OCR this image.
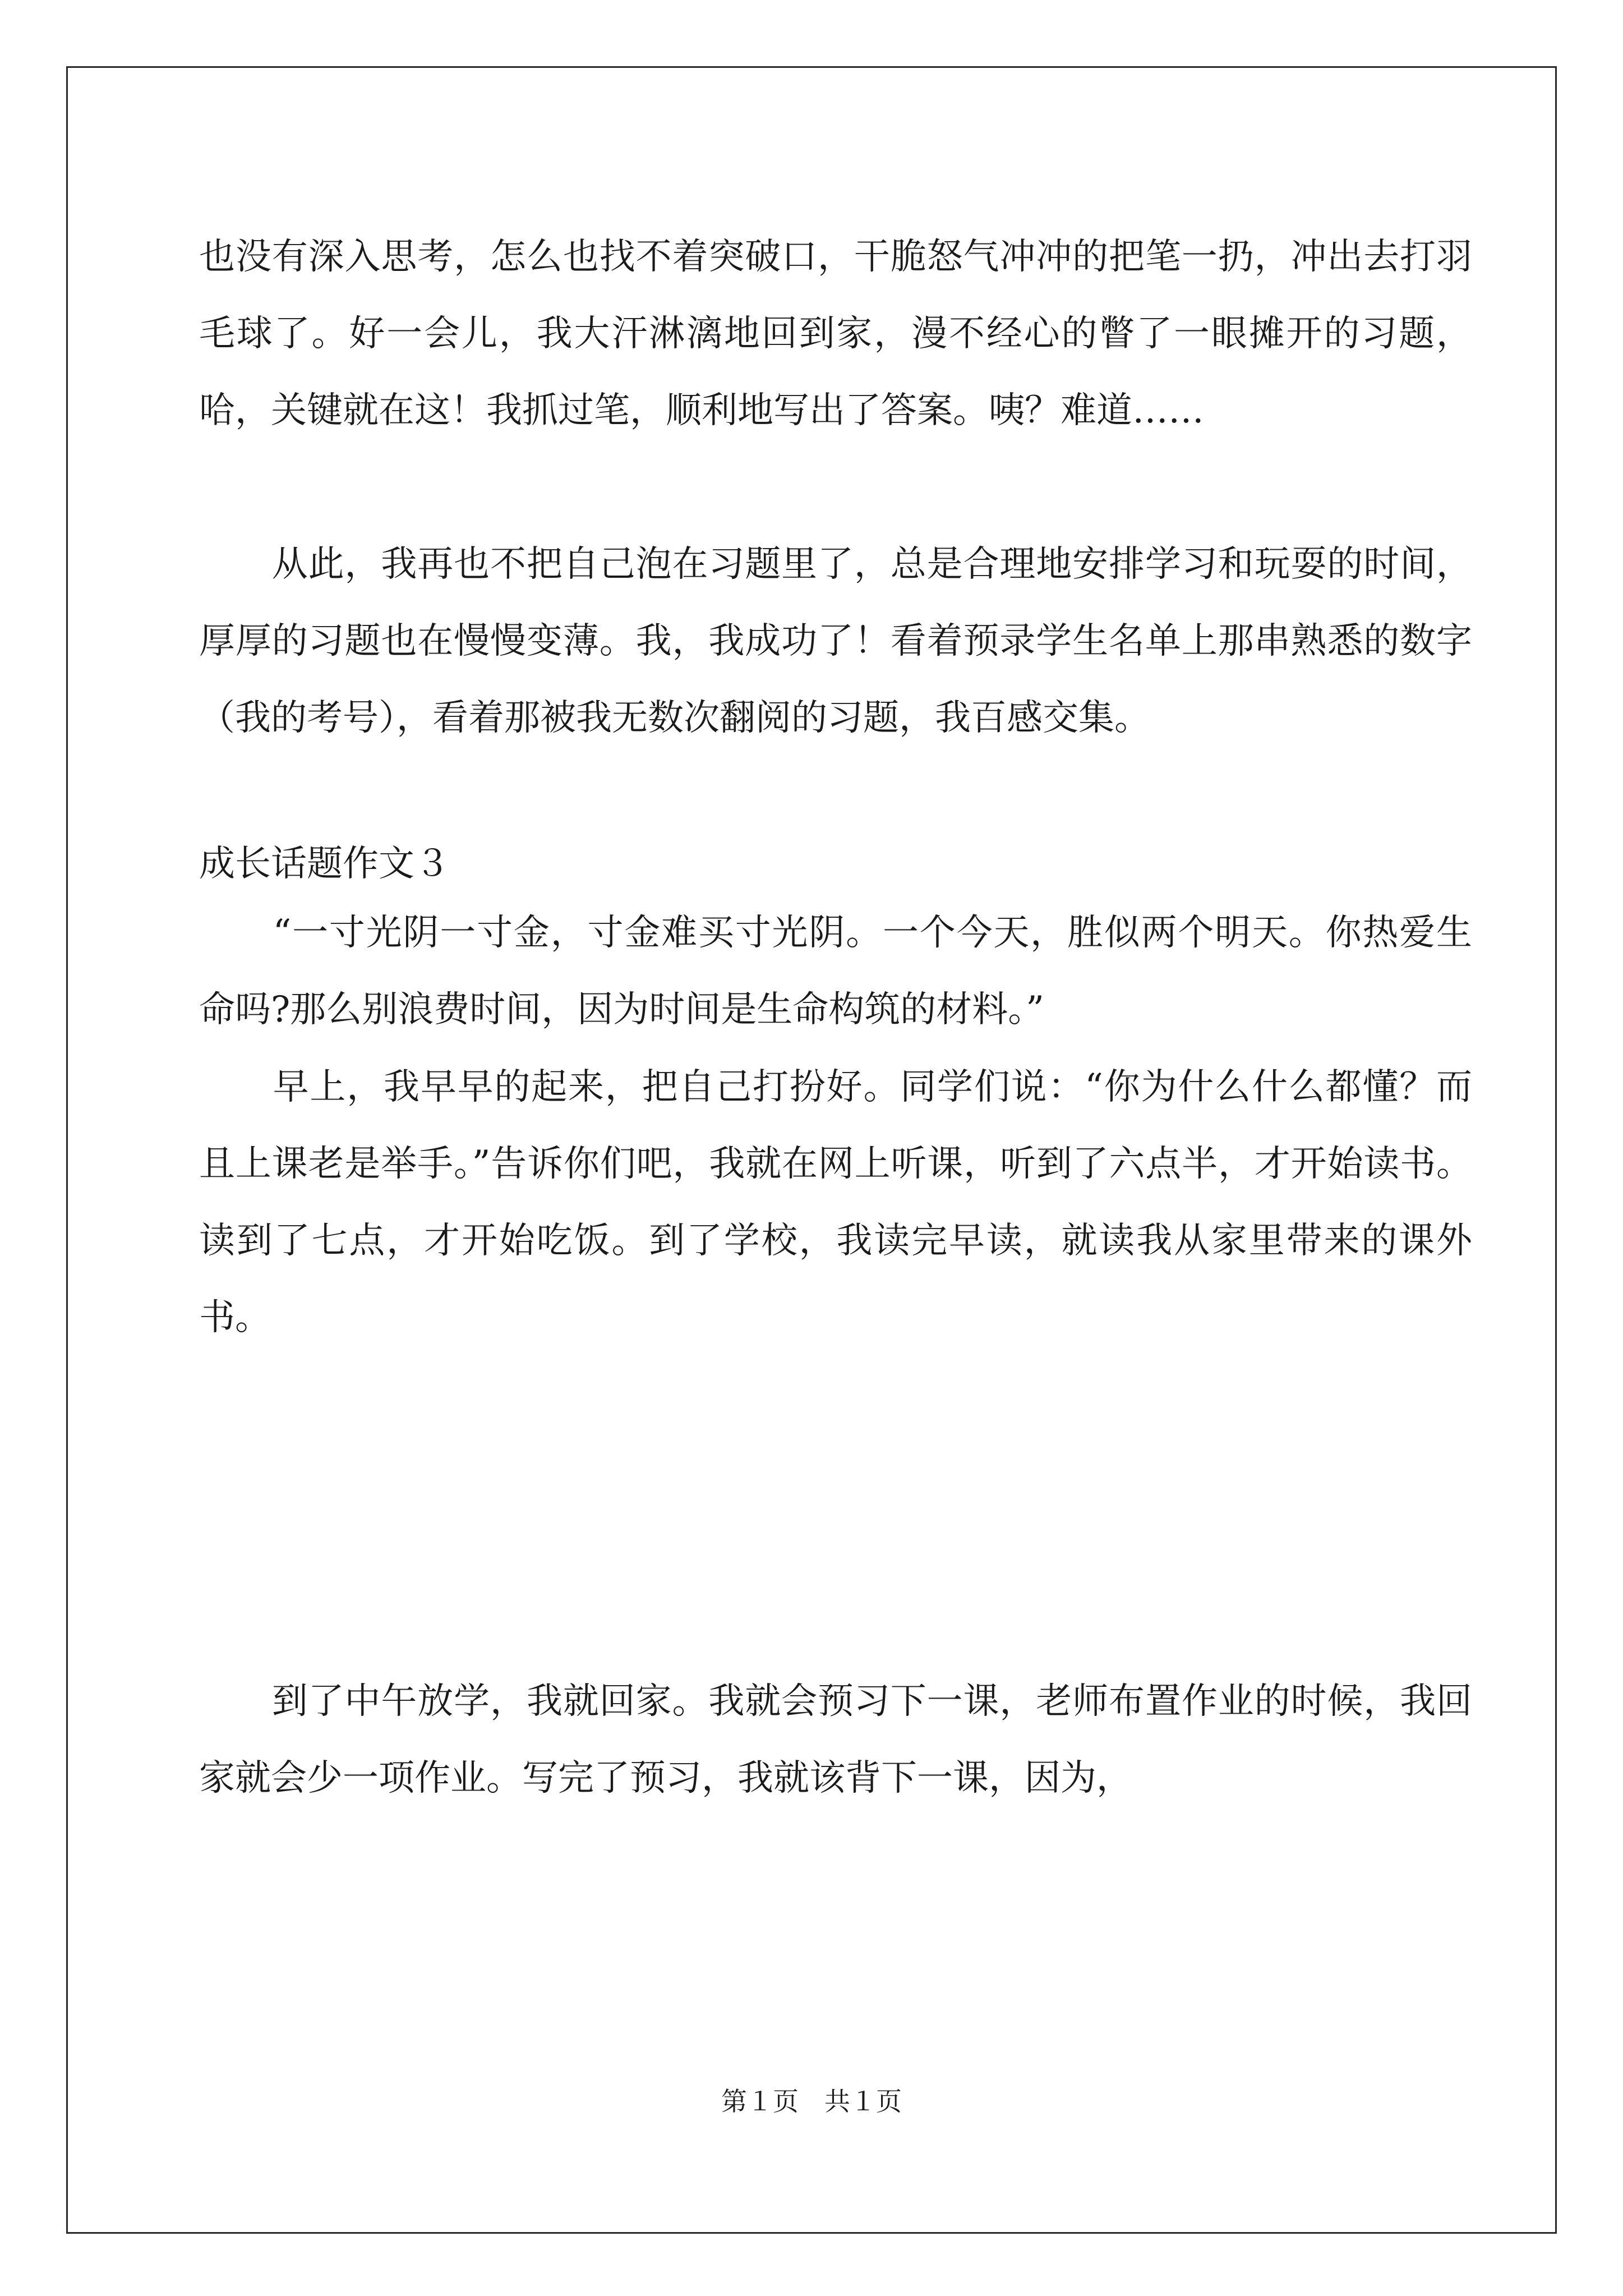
也没有深入思考，怎么也找不着突破口，干脆怒气冲冲的把笔一扔，冲出去打羽毛球了。好一会儿，我大汗淋漓地回到家，漫不经心的瞥了一眼摊开的习题，哈，关键就在这！我抓过笔，顺利地写出了答案。咦？难道……

　　从此，我再也不把自己泡在习题里了，总是合理地安排学习和玩耍的时间，厚厚的习题也在慢慢变薄。我，我成功了！看着预录学生名单上那串熟悉的数字（我的考号），看着那被我无数次翻阅的习题，我百感交集。

成长话题作文３

　　“一寸光阴一寸金，寸金难买寸光阴。一个今天，胜似两个明天。你热爱生命吗?那么别浪费时间，因为时间是生命构筑的材料。”

　　早上，我早早的起来，把自己打扮好。同学们说：“你为什么什么都懂？而且上课老是举手。”告诉你们吧，我就在网上听课，听到了六点半，才开始读书。读到了七点，才开始吃饭。到了学校，我读完早读，就读我从家里带来的课外书。

　　到了中午放学，我就回家。我就会预习下一课，老师布置作业的时候，我回家就会少一项作业。写完了预习，我就该背下一课，因为，

第１页　共１页
